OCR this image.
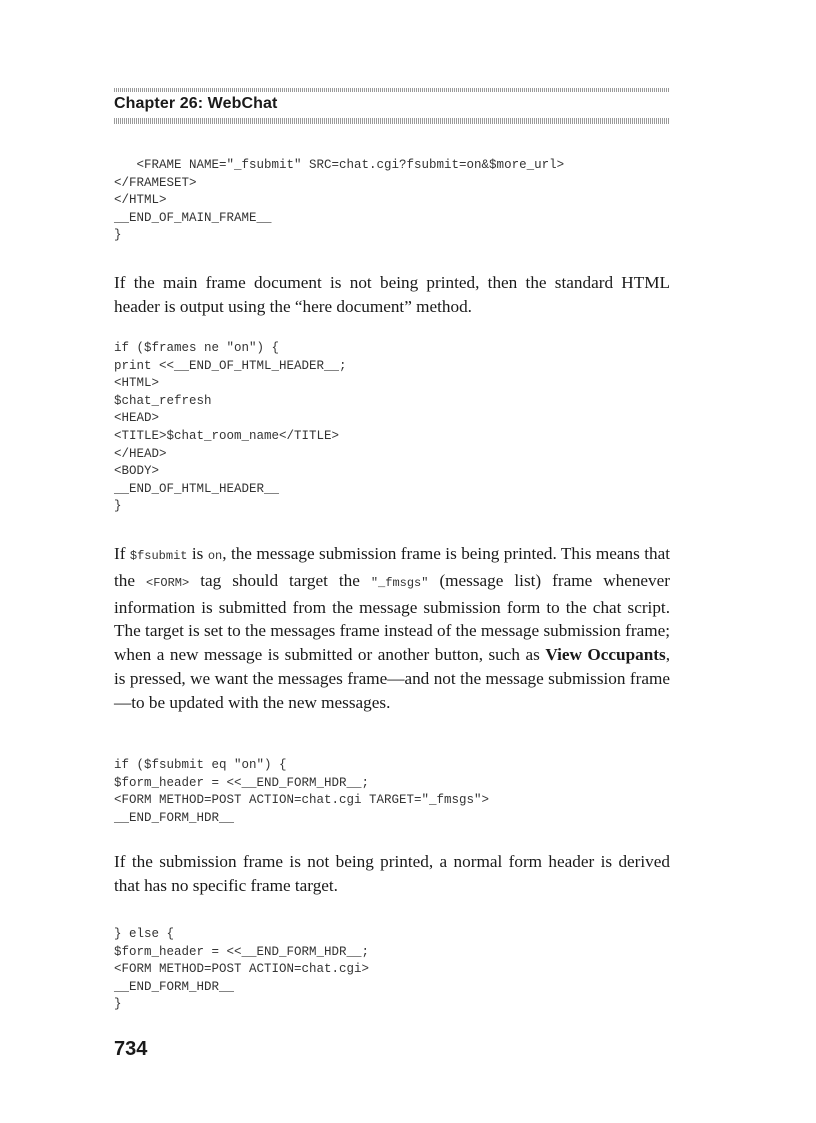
Chapter 26: WebChat
<FRAME NAME="_fsubmit" SRC=chat.cgi?fsubmit=on&$more_url>
</FRAMESET>
</HTML>
__END_OF_MAIN_FRAME__
}

If the main frame document is not being printed, then the standard HTML header is output using the “here document” method.

if ($frames ne "on") {
print <<__END_OF_HTML_HEADER__;
<HTML>
$chat_refresh
<HEAD>
<TITLE>$chat_room_name</TITLE>
</HEAD>
<BODY>
__END_OF_HTML_HEADER__
}

If $fsubmit is on, the message submission frame is being printed. This means that the <FORM> tag should target the "_fmsgs" (message list) frame whenever information is submitted from the message submission form to the chat script. The target is set to the messages frame instead of the message submission frame; when a new message is submitted or another button, such as View Occupants, is pressed, we want the messages frame—and not the message submission frame—to be updated with the new messages.

if ($fsubmit eq "on") {
$form_header = <<__END_FORM_HDR__;
<FORM METHOD=POST ACTION=chat.cgi TARGET="_fmsgs">
__END_FORM_HDR__

If the submission frame is not being printed, a normal form header is derived that has no specific frame target.

} else {
$form_header = <<__END_FORM_HDR__;
<FORM METHOD=POST ACTION=chat.cgi>
__END_FORM_HDR__
}
734
